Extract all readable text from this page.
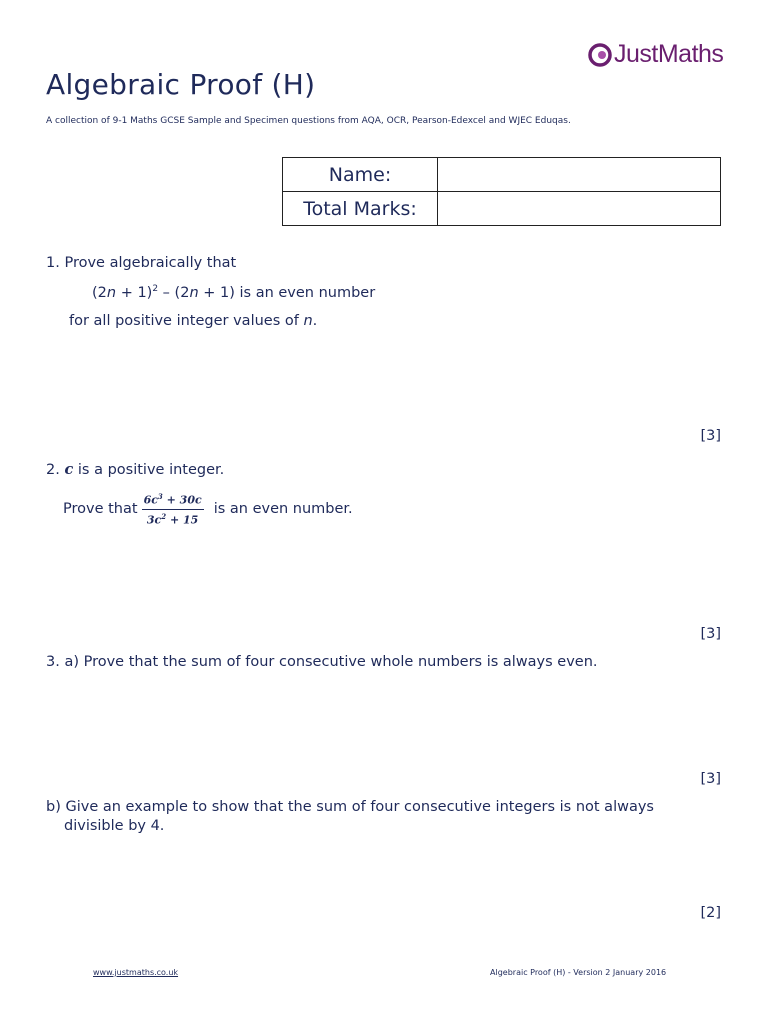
JustMaths
Algebraic Proof (H)
A collection of 9-1 Maths GCSE Sample and Specimen questions from AQA, OCR, Pearson-Edexcel and WJEC Eduqas.
Name:	
Total Marks:	
1. Prove algebraically that
$(2n + 1)^2 - (2n + 1)$ is an even number
for all positive integer values of n.
[3]
2. c is a positive integer.
Prove that $\frac{6c^3 + 30c}{3c^2 + 15}$ is an even number.
[3]
3. a) Prove that the sum of four consecutive whole numbers is always even.
[3]
b) Give an example to show that the sum of four consecutive integers is not always
divisible by 4.
[2]
www.justmaths.co.uk	Algebraic Proof (H) - Version 2 January 2016
